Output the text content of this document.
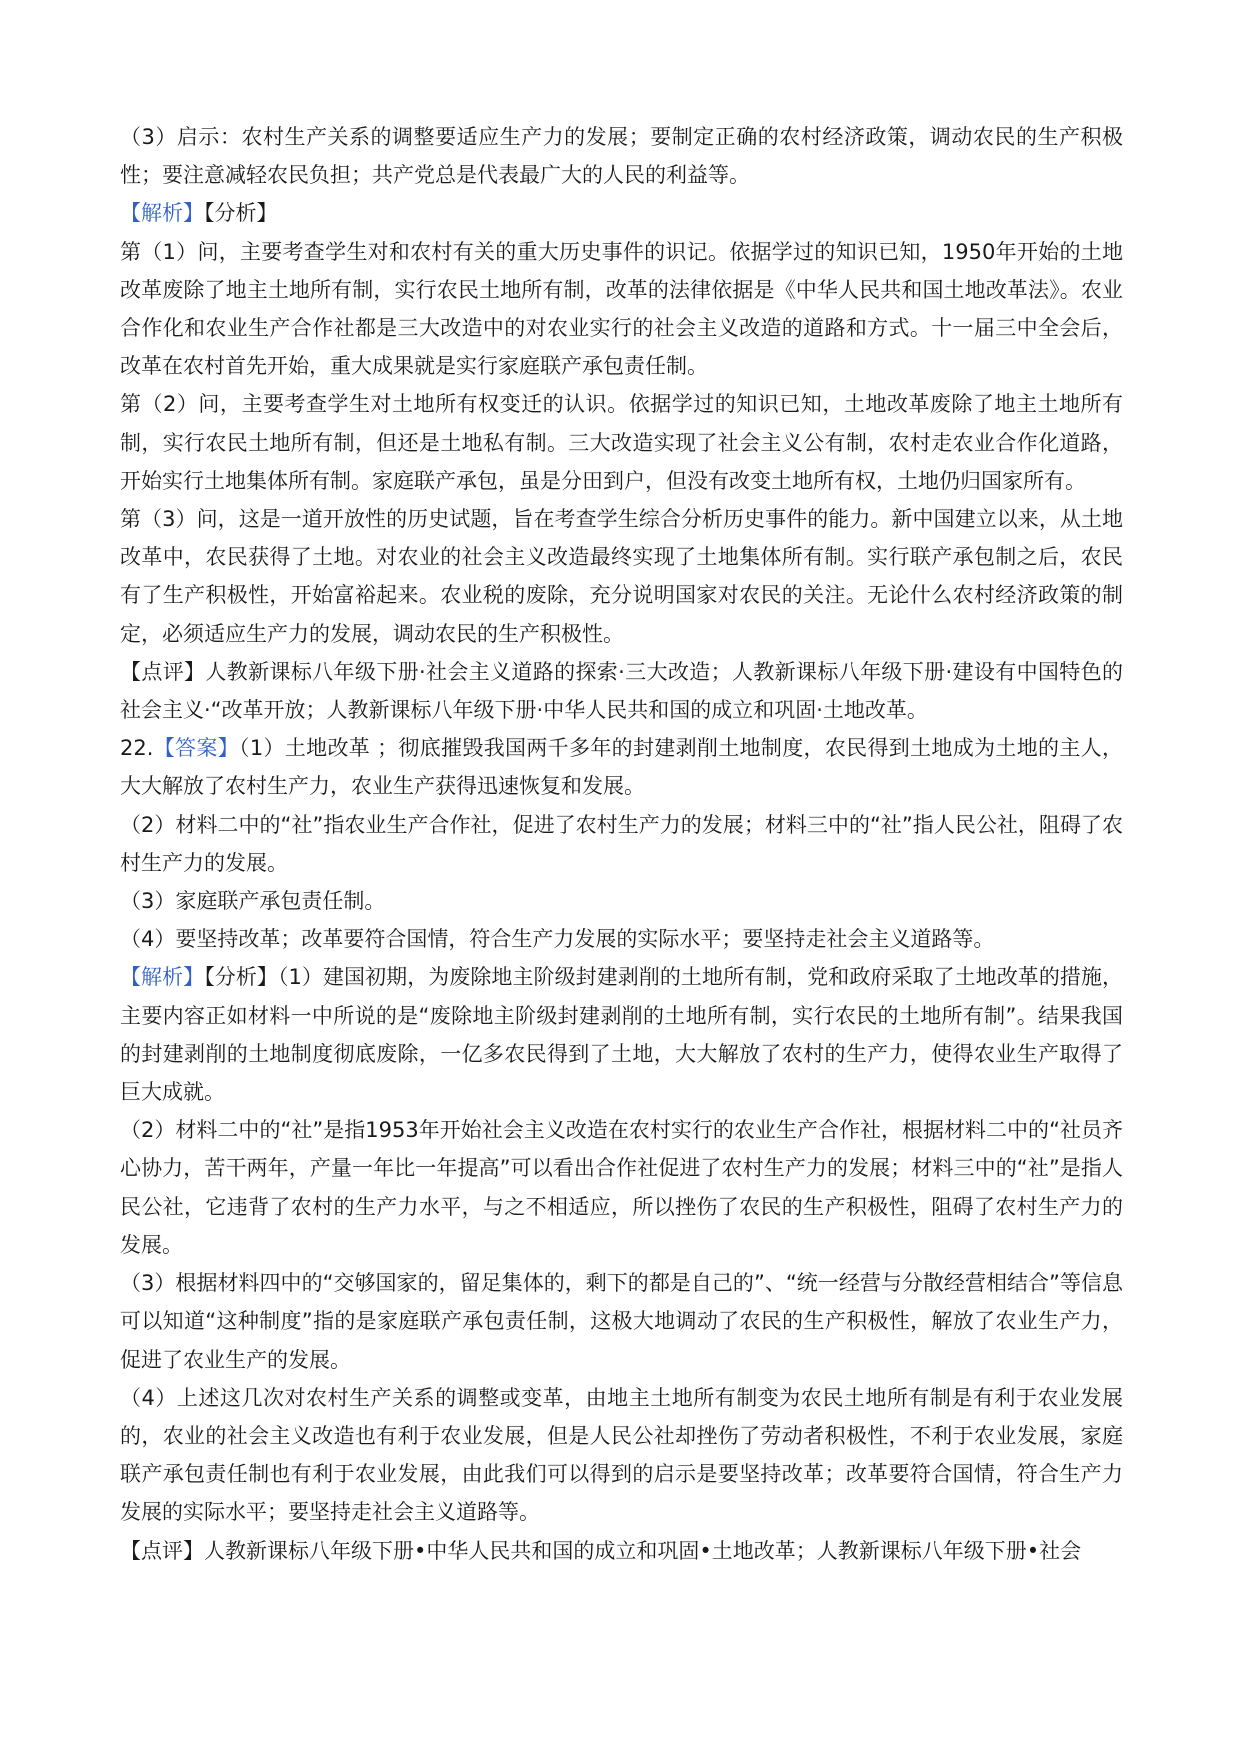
（3）启示：农村生产关系的调整要适应生产力的发展；要制定正确的农村经济政策，调动农民的生产积极性；要注意减轻农民负担；共产党总是代表最广大的人民的利益等。

【解析】【分析】

第（1）问，主要考查学生对和农村有关的重大历史事件的识记。依据学过的知识已知，1950年开始的土地改革废除了地主土地所有制，实行农民土地所有制，改革的法律依据是《中华人民共和国土地改革法》。农业合作化和农业生产合作社都是三大改造中的对农业实行的社会主义改造的道路和方式。十一届三中全会后，改革在农村首先开始，重大成果就是实行家庭联产承包责任制。

第（2）问，主要考查学生对土地所有权变迁的认识。依据学过的知识已知，土地改革废除了地主土地所有制，实行农民土地所有制，但还是土地私有制。三大改造实现了社会主义公有制，农村走农业合作化道路，开始实行土地集体所有制。家庭联产承包，虽是分田到户，但没有改变土地所有权，土地仍归国家所有。

第（3）问，这是一道开放性的历史试题，旨在考查学生综合分析历史事件的能力。新中国建立以来，从土地改革中，农民获得了土地。对农业的社会主义改造最终实现了土地集体所有制。实行联产承包制之后，农民有了生产积极性，开始富裕起来。农业税的废除，充分说明国家对农民的关注。无论什么农村经济政策的制定，必须适应生产力的发展，调动农民的生产积极性。

【点评】人教新课标八年级下册·社会主义道路的探索·三大改造；人教新课标八年级下册·建设有中国特色的社会主义·“改革开放；人教新课标八年级下册·中华人民共和国的成立和巩固·土地改革。

22.【答案】（1）土地改革 ；彻底摧毁我国两千多年的封建剥削土地制度，农民得到土地成为土地的主人，大大解放了农村生产力，农业生产获得迅速恢复和发展。

（2）材料二中的“社”指农业生产合作社，促进了农村生产力的发展；材料三中的“社”指人民公社，阻碍了农村生产力的发展。

（3）家庭联产承包责任制。

（4）要坚持改革；改革要符合国情，符合生产力发展的实际水平；要坚持走社会主义道路等。

【解析】【分析】（1）建国初期，为废除地主阶级封建剥削的土地所有制，党和政府采取了土地改革的措施，主要内容正如材料一中所说的是“废除地主阶级封建剥削的土地所有制，实行农民的土地所有制”。结果我国的封建剥削的土地制度彻底废除，一亿多农民得到了土地，大大解放了农村的生产力，使得农业生产取得了巨大成就。

（2）材料二中的“社”是指1953年开始社会主义改造在农村实行的农业生产合作社，根据材料二中的“社员齐心协力，苦干两年，产量一年比一年提高”可以看出合作社促进了农村生产力的发展；材料三中的“社”是指人民公社，它违背了农村的生产力水平，与之不相适应，所以挫伤了农民的生产积极性，阻碍了农村生产力的发展。

（3）根据材料四中的“交够国家的，留足集体的，剩下的都是自己的”、“统一经营与分散经营相结合”等信息可以知道“这种制度”指的是家庭联产承包责任制，这极大地调动了农民的生产积极性，解放了农业生产力，促进了农业生产的发展。

（4）上述这几次对农村生产关系的调整或变革，由地主土地所有制变为农民土地所有制是有利于农业发展的，农业的社会主义改造也有利于农业发展，但是人民公社却挫伤了劳动者积极性，不利于农业发展，家庭联产承包责任制也有利于农业发展，由此我们可以得到的启示是要坚持改革；改革要符合国情，符合生产力发展的实际水平；要坚持走社会主义道路等。

【点评】人教新课标八年级下册•中华人民共和国的成立和巩固•土地改革；人教新课标八年级下册•社会
